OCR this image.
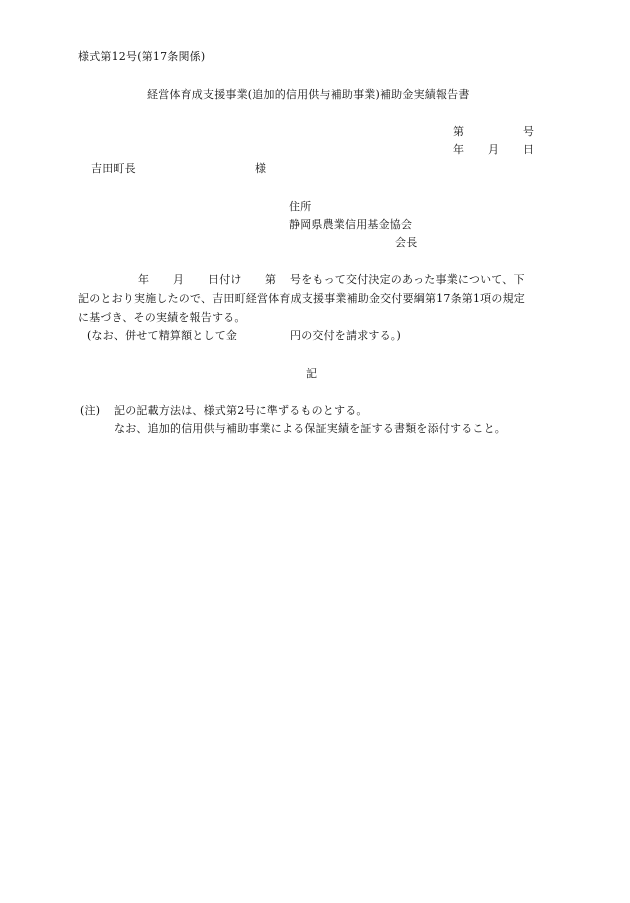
様式第12号(第17条関係)
経営体育成支援事業(追加的信用供与補助事業)補助金実績報告書
第	号
年 月 日
吉田町長	様
住所
静岡県農業信用基金協会
会長
年 月 日付け 第 号をもって交付決定のあった事業について、下
記のとおり実施したので、吉田町経営体育成支援事業補助金交付要綱第17条第1項の規定
に基づき、その実績を報告する。
(なお、併せて精算額として金	円の交付を請求する。)
記
(注) 記の記載方法は、様式第2号に準ずるものとする。
なお、追加的信用供与補助事業による保証実績を証する書類を添付すること。
